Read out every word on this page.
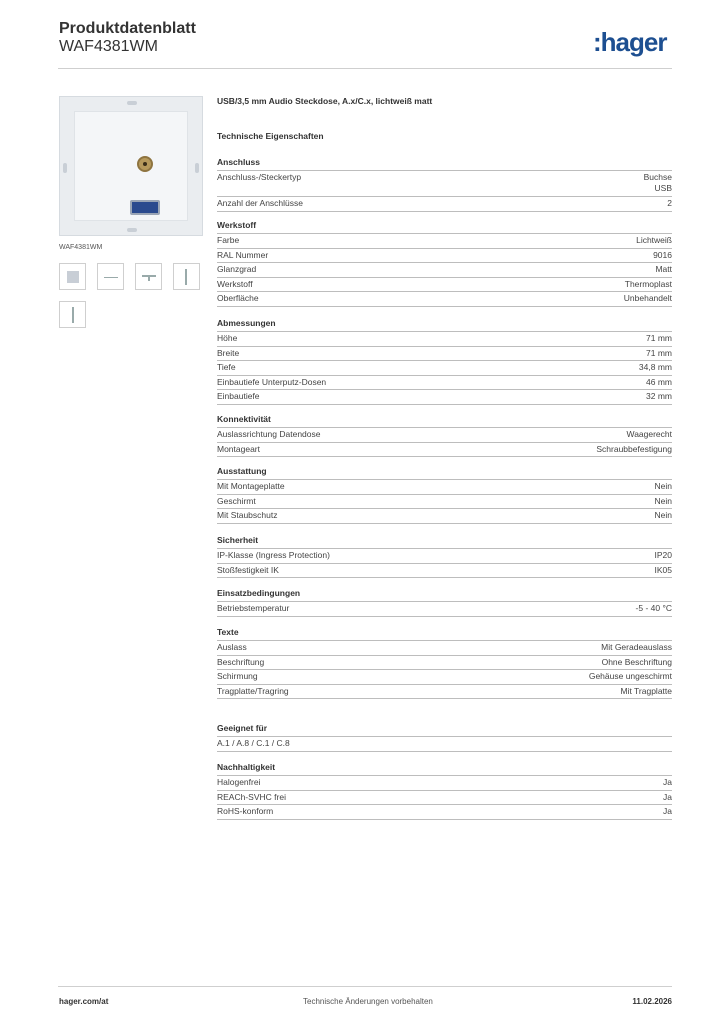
Produktdatenblatt
WAF4381WM	:hager
WAF4381WM
USB/3,5 mm Audio Steckdose, A.x/C.x, lichtweiß matt
Technische Eigenschaften
Anschluss
Anschluss-/Steckertyp	Buchse
USB
Anzahl der Anschlüsse	2
Werkstoff
Farbe	Lichtweiß
RAL Nummer	9016
Glanzgrad	Matt
Werkstoff	Thermoplast
Oberfläche	Unbehandelt
Abmessungen
Höhe	71 mm
Breite	71 mm
Tiefe	34,8 mm
Einbautiefe Unterputz-Dosen	46 mm
Einbautiefe	32 mm
Konnektivität
Auslassrichtung Datendose	Waagerecht
Montageart	Schraubbefestigung
Ausstattung
Mit Montageplatte	Nein
Geschirmt	Nein
Mit Staubschutz	Nein
Sicherheit
IP-Klasse (Ingress Protection)	IP20
Stoßfestigkeit IK	IK05
Einsatzbedingungen
Betriebstemperatur	-5 - 40 °C
Texte
Auslass	Mit Geradeauslass
Beschriftung	Ohne Beschriftung
Schirmung	Gehäuse ungeschirmt
Tragplatte/Tragring	Mit Tragplatte
Geeignet für
A.1 / A.8 / C.1 / C.8
Nachhaltigkeit
Halogenfrei	Ja
REACh-SVHC frei	Ja
RoHS-konform	Ja
hager.com/at	Technische Änderungen vorbehalten	11.02.2026
